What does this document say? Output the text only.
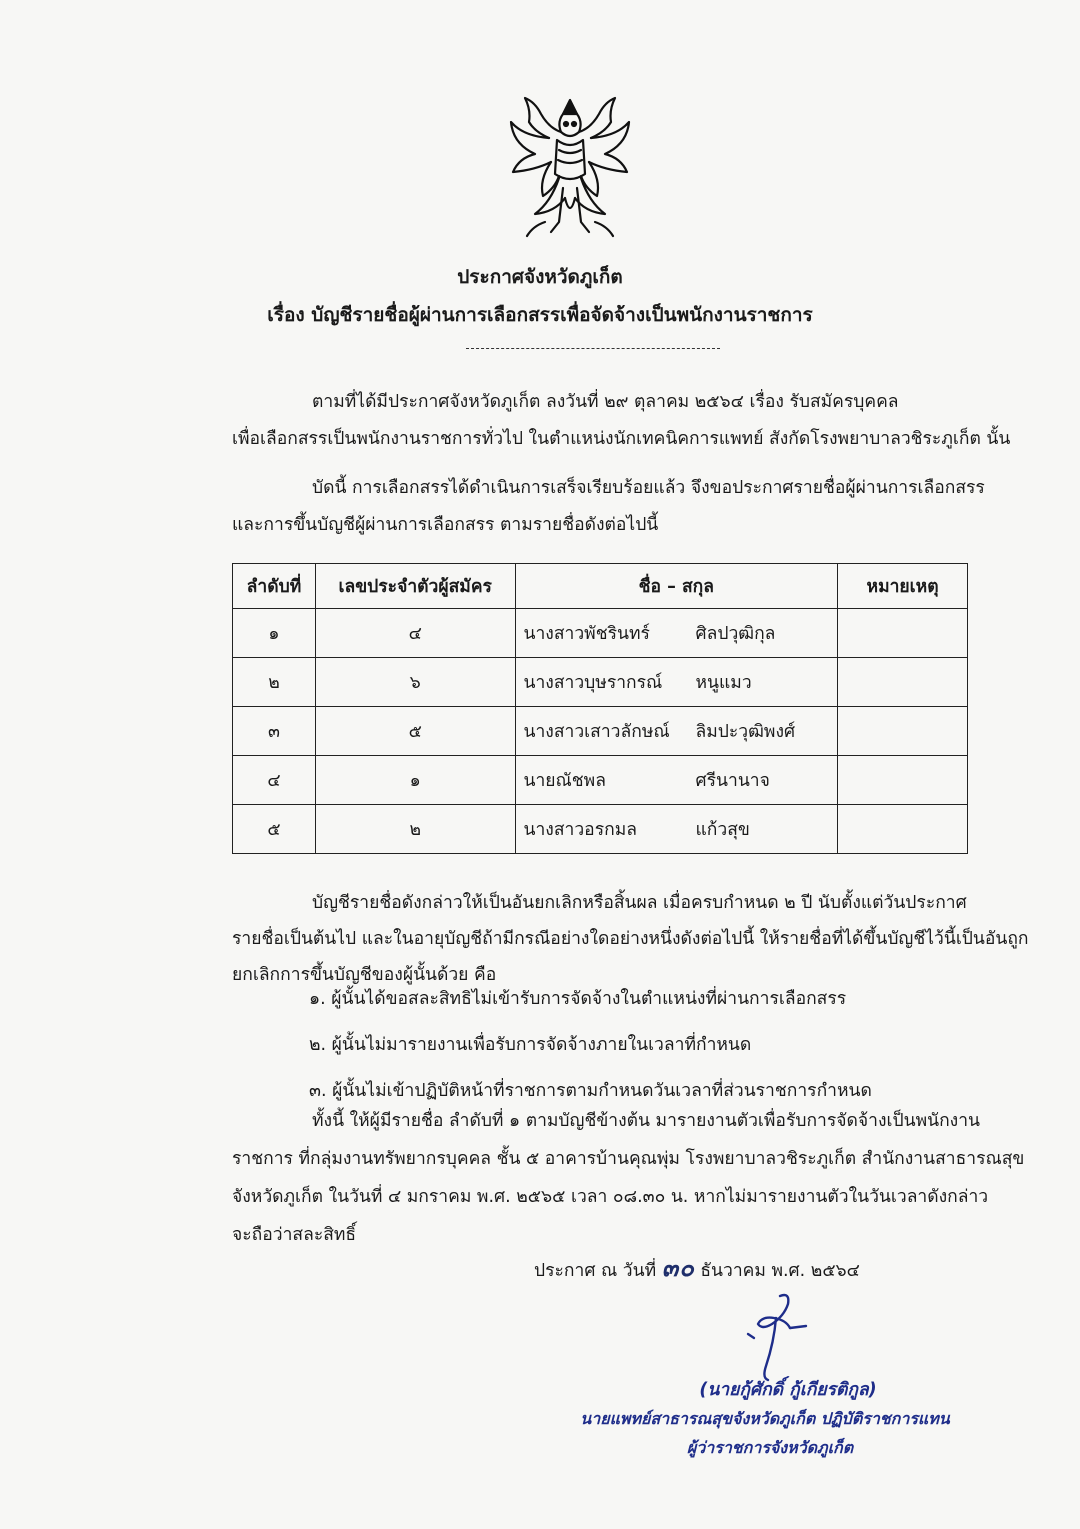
ประกาศจังหวัดภูเก็ต
เรื่อง บัญชีรายชื่อผู้ผ่านการเลือกสรรเพื่อจัดจ้างเป็นพนักงานราชการ
ตามที่ได้มีประกาศจังหวัดภูเก็ต ลงวันที่ ๒๙ ตุลาคม ๒๕๖๔ เรื่อง รับสมัครบุคคล
เพื่อเลือกสรรเป็นพนักงานราชการทั่วไป ในตำแหน่งนักเทคนิคการแพทย์ สังกัดโรงพยาบาลวชิระภูเก็ต นั้น
บัดนี้ การเลือกสรรได้ดำเนินการเสร็จเรียบร้อยแล้ว จึงขอประกาศรายชื่อผู้ผ่านการเลือกสรร
และการขึ้นบัญชีผู้ผ่านการเลือกสรร ตามรายชื่อดังต่อไปนี้
ลำดับที่	เลขประจำตัวผู้สมัคร	ชื่อ – สกุล	หมายเหตุ
๑	๔	นางสาวพัชรินทร์ ศิลปวุฒิกุล	
๒	๖	นางสาวบุษรากรณ์ หนูแมว	
๓	๕	นางสาวเสาวลักษณ์ ลิมปะวุฒิพงศ์	
๔	๑	นายณัชพล ศรีนานาจ	
๕	๒	นางสาวอรกมล แก้วสุข	
บัญชีรายชื่อดังกล่าวให้เป็นอันยกเลิกหรือสิ้นผล เมื่อครบกำหนด ๒ ปี นับตั้งแต่วันประกาศ
รายชื่อเป็นต้นไป และในอายุบัญชีถ้ามีกรณีอย่างใดอย่างหนึ่งดังต่อไปนี้ ให้รายชื่อที่ได้ขึ้นบัญชีไว้นี้เป็นอันถูก
ยกเลิกการขึ้นบัญชีของผู้นั้นด้วย คือ
๑. ผู้นั้นได้ขอสละสิทธิไม่เข้ารับการจัดจ้างในตำแหน่งที่ผ่านการเลือกสรร
๒. ผู้นั้นไม่มารายงานเพื่อรับการจัดจ้างภายในเวลาที่กำหนด
๓. ผู้นั้นไม่เข้าปฏิบัติหน้าที่ราชการตามกำหนดวันเวลาที่ส่วนราชการกำหนด
ทั้งนี้ ให้ผู้มีรายชื่อ ลำดับที่ ๑ ตามบัญชีข้างต้น มารายงานตัวเพื่อรับการจัดจ้างเป็นพนักงาน
ราชการ ที่กลุ่มงานทรัพยากรบุคคล ชั้น ๕ อาคารบ้านคุณพุ่ม โรงพยาบาลวชิระภูเก็ต สำนักงานสาธารณสุข
จังหวัดภูเก็ต ในวันที่ ๔ มกราคม พ.ศ. ๒๕๖๕ เวลา ๐๘.๓๐ น. หากไม่มารายงานตัวในวันเวลาดังกล่าว
จะถือว่าสละสิทธิ์
ประกาศ ณ วันที่ ๓๐ ธันวาคม พ.ศ. ๒๕๖๔
(นายกู้ศักดิ์ กู้เกียรติกูล)
นายแพทย์สาธารณสุขจังหวัดภูเก็ต ปฏิบัติราชการแทน
ผู้ว่าราชการจังหวัดภูเก็ต
